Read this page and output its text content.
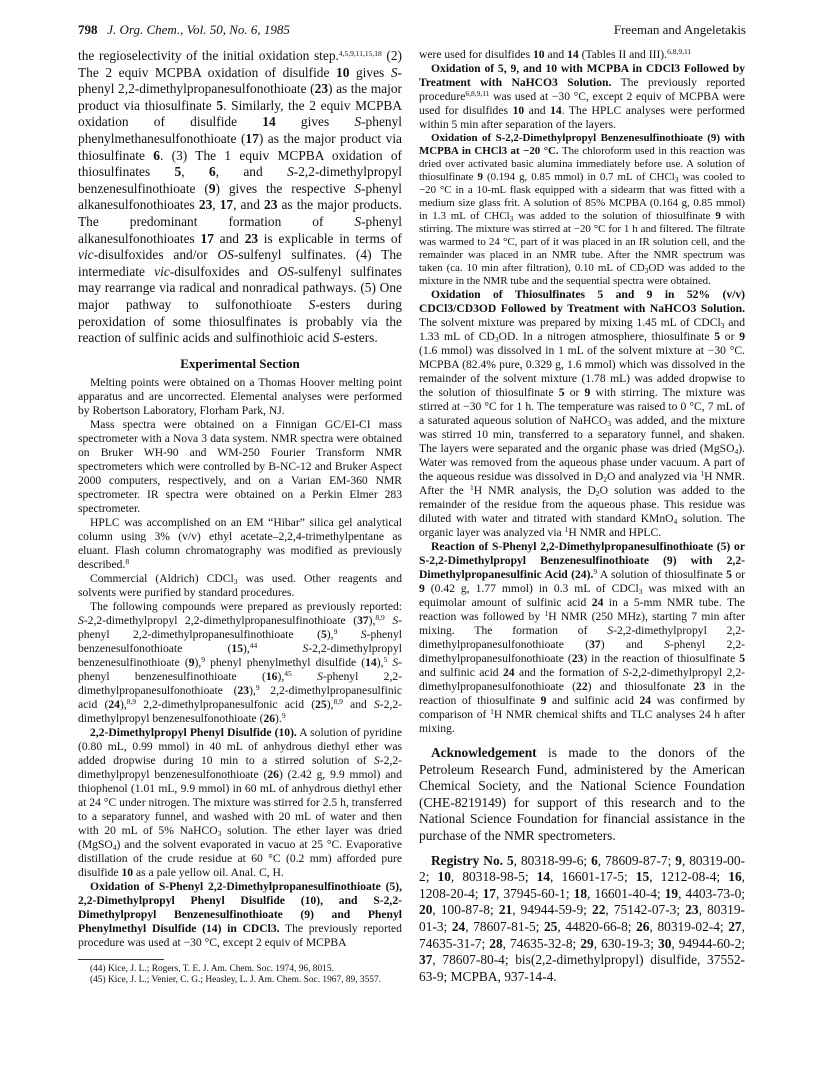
798 J. Org. Chem., Vol. 50, No. 6, 1985	Freeman and Angeletakis

the regioselectivity of the initial oxidation step.$^{4,5,9,11,15,18}$ (2) The 2 equiv MCPBA oxidation of disulfide 10 gives S-phenyl 2,2-dimethylpropanesulfonothioate (23) as the major product via thiosulfinate 5. Similarly, the 2 equiv MCPBA oxidation of disulfide 14 gives S-phenyl phenylmethanesulfonothioate (17) as the major product via thiosulfinate 6. (3) The 1 equiv MCPBA oxidation of thiosulfinates 5, 6, and S-2,2-dimethylpropyl benzenesulfinothioate (9) gives the respective S-phenyl alkanesulfonothioates 23, 17, and 23 as the major products. The predominant formation of S-phenyl alkanesulfonothioates 17 and 23 is explicable in terms of vic-disulfoxides and/or OS-sulfenyl sulfinates. (4) The intermediate vic-disulfoxides and OS-sulfenyl sulfinates may rearrange via radical and nonradical pathways. (5) One major pathway to sulfonothioate S-esters during peroxidation of some thiosulfinates is probably via the reaction of sulfinic acids and sulfinothioic acid S-esters.

Experimental Section

Melting points were obtained on a Thomas Hoover melting point apparatus and are uncorrected. Elemental analyses were performed by Robertson Laboratory, Florham Park, NJ.

Mass spectra were obtained on a Finnigan GC/EI-CI mass spectrometer with a Nova 3 data system. NMR spectra were obtained on Bruker WH-90 and WM-250 Fourier Transform NMR spectrometers which were controlled by B-NC-12 and Bruker Aspect 2000 computers, respectively, and on a Varian EM-360 NMR spectrometer. IR spectra were obtained on a Perkin Elmer 283 spectrometer.

HPLC was accomplished on an EM “Hibar” silica gel analytical column using 3% (v/v) ethyl acetate–2,2,4-trimethylpentane as eluant. Flash column chromatography was modified as previously described.$^8$

Commercial (Aldrich) CDCl$_3$ was used. Other reagents and solvents were purified by standard procedures.

The following compounds were prepared as previously reported: S-2,2-dimethylpropyl 2,2-dimethylpropanesulfinothioate (37),$^{8,9}$ S-phenyl 2,2-dimethylpropanesulfinothioate (5),$^9$ S-phenyl benzenesulfonothioate (15),$^{44}$	S-2,2-dimethylpropyl benzenesulfinothioate (9),$^9$ phenyl phenylmethyl disulfide (14),$^5$ S-phenyl benzenesulfinothioate (16),$^{45}$ S-phenyl 2,2-dimethylpropanesulfonothioate (23),$^9$ 2,2-dimethylpropanesulfinic acid (24),$^{8,9}$ 2,2-dimethylpropanesulfonic acid (25),$^{8,9}$ and S-2,2-dimethylpropyl benzenesulfonothioate (26).$^9$

2,2-Dimethylpropyl Phenyl Disulfide (10). A solution of pyridine (0.80 mL, 0.99 mmol) in 40 mL of anhydrous diethyl ether was added dropwise during 10 min to a stirred solution of S-2,2-dimethylpropyl benzenesulfonothioate (26) (2.42 g, 9.9 mmol) and thiophenol (1.01 mL, 9.9 mmol) in 60 mL of anhydrous diethyl ether at 24 °C under nitrogen. The mixture was stirred for 2.5 h, transferred to a separatory funnel, and washed with 20 mL of water and then with 20 mL of 5% NaHCO$_3$ solution. The ether layer was dried (MgSO$_4$) and the solvent evaporated in vacuo at 25 °C. Evaporative distillation of the crude residue at 60 °C (0.2 mm) afforded pure disulfide 10 as a pale yellow oil. Anal. C, H.

Oxidation of S-Phenyl 2,2-Dimethylpropanesulfinothioate (5), 2,2-Dimethylpropyl Phenyl Disulfide (10), and S-2,2-Dimethylpropyl Benzenesulfinothioate (9) and Phenyl Phenylmethyl Disulfide (14) in CDCl3. The previously reported procedure was used at −30 °C, except 2 equiv of MCPBA

(44) Kice, J. L.; Rogers, T. E. J. Am. Chem. Soc. 1974, 96, 8015.

(45) Kice, J. L.; Venier, C. G.; Heasley, L. J. Am. Chem. Soc. 1967, 89, 3557.

were used for disulfides 10 and 14 (Tables II and III).$^{6,8,9,11}$

Oxidation of 5, 9, and 10 with MCPBA in CDCl3 Followed by Treatment with NaHCO3 Solution. The previously reported procedure$^{6,8,9,11}$ was used at −30 °C, except 2 equiv of MCPBA were used for disulfides 10 and 14. The HPLC analyses were performed within 5 min after separation of the layers.

Oxidation of S-2,2-Dimethylpropyl Benzenesulfinothioate (9) with MCPBA in CHCl3 at −20 °C. The chloroform used in this reaction was dried over activated basic alumina immediately before use. A solution of thiosulfinate 9 (0.194 g, 0.85 mmol) in 0.7 mL of CHCl$_3$ was cooled to −20 °C in a 10-mL flask equipped with a sidearm that was fitted with a medium size glass frit. A solution of 85% MCPBA (0.164 g, 0.85 mmol) in 1.3 mL of CHCl$_3$ was added to the solution of thiosulfinate 9 with stirring. The mixture was stirred at −20 °C for 1 h and filtered. The filtrate was warmed to 24 °C, part of it was placed in an IR solution cell, and the remainder was placed in an NMR tube. After the NMR spectrum was taken (ca. 10 min after filtration), 0.10 mL of $CD_3OD$ was added to the mixture in the NMR tube and the sequential spectra were obtained.

Oxidation of Thiosulfinates 5 and 9 in 52% (v/v) CDCl3/CD3OD Followed by Treatment with NaHCO3 Solution. The solvent mixture was prepared by mixing 1.45 mL of CDCl$_3$ and 1.33 mL of $CD_3OD$. In a nitrogen atmosphere, thiosulfinate 5 or 9 (1.6 mmol) was dissolved in 1 mL of the solvent mixture at −30 °C. MCPBA (82.4% pure, 0.329 g, 1.6 mmol) which was dissolved in the remainder of the solvent mixture (1.78 mL) was added dropwise to the solution of thiosulfinate 5 or 9 with stirring. The mixture was stirred at −30 °C for 1 h. The temperature was raised to 0 °C, 7 mL of a saturated aqueous solution of NaHCO$_3$ was added, and the mixture was stirred 10 min, transferred to a separatory funnel, and shaken. The layers were separated and the organic phase was dried (MgSO$_4$). Water was removed from the aqueous phase under vacuum. A part of the aqueous residue was dissolved in $D_2O$ and analyzed via $^1$H NMR. After the $^1$H NMR analysis, the $D_2O$ solution was added to the remainder of the residue from the aqueous phase. This residue was diluted with water and titrated with standard KMnO$_4$ solution. The organic layer was analyzed via $^1$H NMR and HPLC.

Reaction of S-Phenyl 2,2-Dimethylpropanesulfinothioate (5) or S-2,2-Dimethylpropyl Benzenesulfinothioate (9) with 2,2-Dimethylpropanesulfinic Acid (24).$^9$ A solution of thiosulfinate 5 or 9 (0.42 g, 1.77 mmol) in 0.3 mL of CDCl$_3$ was mixed with an equimolar amount of sulfinic acid 24 in a 5-mm NMR tube. The reaction was followed by $^1$H NMR (250 MHz), starting 7 min after mixing. The formation of S-2,2-dimethylpropyl 2,2-dimethylpropanesulfonothioate (37) and S-phenyl 2,2-dimethylpropanesulfonothioate (23) in the reaction of thiosulfinate 5 and sulfinic acid 24 and the formation of S-2,2-dimethylpropyl 2,2-dimethylpropanesulfonothioate (22) and thiosulfonate 23 in the reaction of thiosulfinate 9 and sulfinic acid 24 was confirmed by comparison of $^1$H NMR chemical shifts and TLC analyses 24 h after mixing.

Acknowledgement is made to the donors of the Petroleum Research Fund, administered by the American Chemical Society, and the National Science Foundation (CHE-8219149) for support of this research and to the National Science Foundation for financial assistance in the purchase of the NMR spectrometers.

Registry No. 5, 80318-99-6; 6, 78609-87-7; 9, 80319-00-2; 10, 80318-98-5; 14, 16601-17-5; 15, 1212-08-4; 16, 1208-20-4; 17, 37945-60-1; 18, 16601-40-4; 19, 4403-73-0; 20, 100-87-8; 21, 94944-59-9; 22, 75142-07-3; 23, 80319-01-3; 24, 78607-81-5; 25, 44820-66-8; 26, 80319-02-4; 27, 74635-31-7; 28, 74635-32-8; 29, 630-19-3; 30, 94944-60-2; 37, 78607-80-4; bis(2,2-dimethylpropyl) disulfide, 37552-63-9; MCPBA, 937-14-4.
